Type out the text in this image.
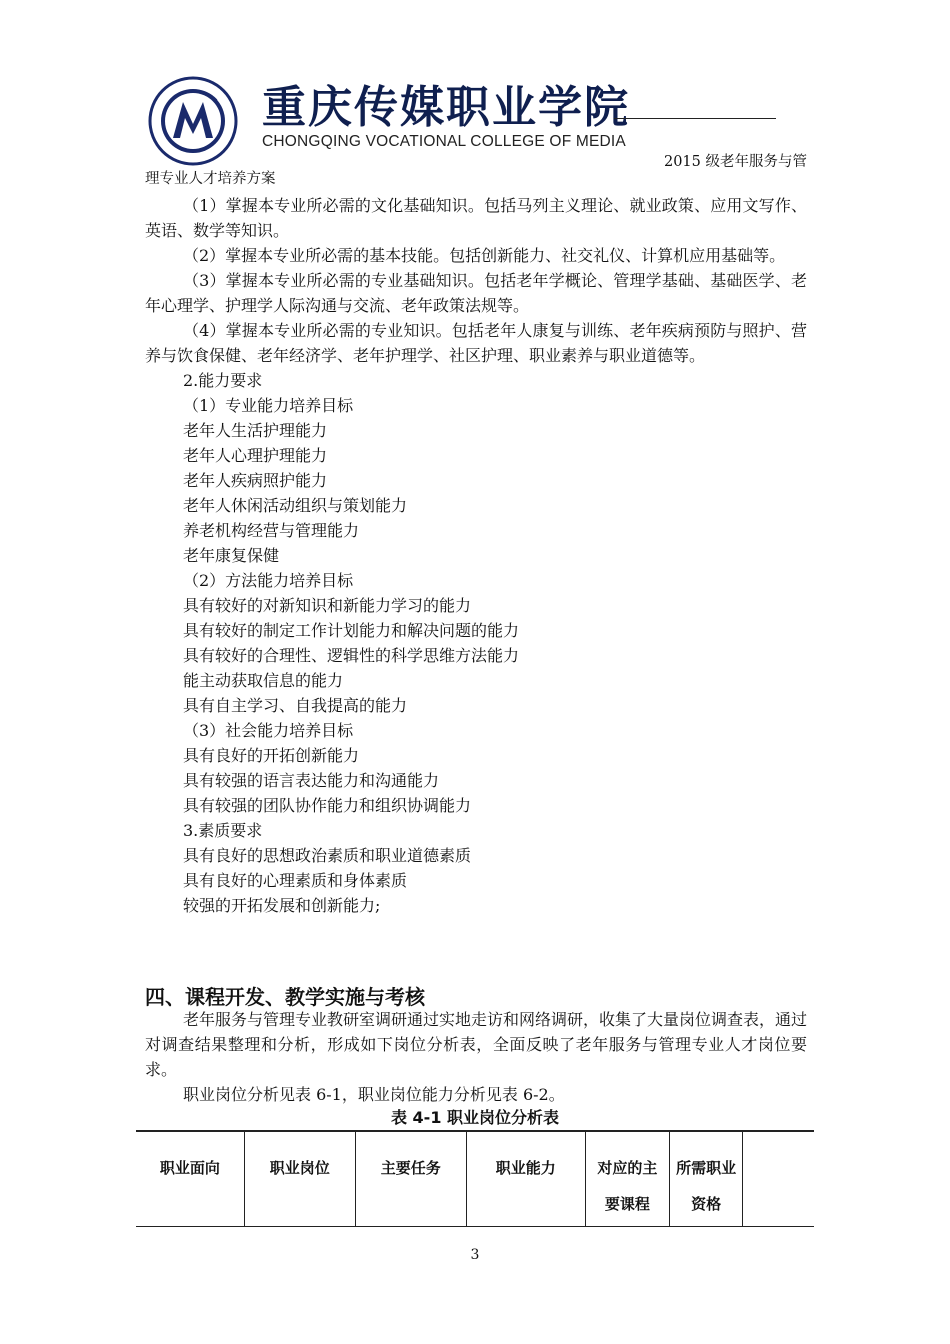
重庆传媒职业学院
CHONGQING VOCATIONAL COLLEGE OF MEDIA
2015 级老年服务与管
理专业人才培养方案

（1）掌握本专业所必需的文化基础知识。包括马列主义理论、就业政策、应用文写作、英语、数学等知识。

（2）掌握本专业所必需的基本技能。包括创新能力、社交礼仪、计算机应用基础等。

（3）掌握本专业所必需的专业基础知识。包括老年学概论、管理学基础、基础医学、老年心理学、护理学人际沟通与交流、老年政策法规等。

（4）掌握本专业所必需的专业知识。包括老年人康复与训练、老年疾病预防与照护、营养与饮食保健、老年经济学、老年护理学、社区护理、职业素养与职业道德等。

2.能力要求

（1）专业能力培养目标

老年人生活护理能力

老年人心理护理能力

老年人疾病照护能力

老年人休闲活动组织与策划能力

养老机构经营与管理能力

老年康复保健

（2）方法能力培养目标

具有较好的对新知识和新能力学习的能力

具有较好的制定工作计划能力和解决问题的能力

具有较好的合理性、逻辑性的科学思维方法能力

能主动获取信息的能力

具有自主学习、自我提高的能力

（3）社会能力培养目标

具有良好的开拓创新能力

具有较强的语言表达能力和沟通能力

具有较强的团队协作能力和组织协调能力

3.素质要求

具有良好的思想政治素质和职业道德素质

具有良好的心理素质和身体素质

较强的开拓发展和创新能力;

四、课程开发、教学实施与考核

老年服务与管理专业教研室调研通过实地走访和网络调研，收集了大量岗位调查表，通过对调查结果整理和分析，形成如下岗位分析表，全面反映了老年服务与管理专业人才岗位要求。

职业岗位分析见表 6-1，职业岗位能力分析见表 6-2。

表 4-1 职业岗位分析表
职业面向	职业岗位	主要任务	职业能力	对应的主要课程	所需职业资格	
3
